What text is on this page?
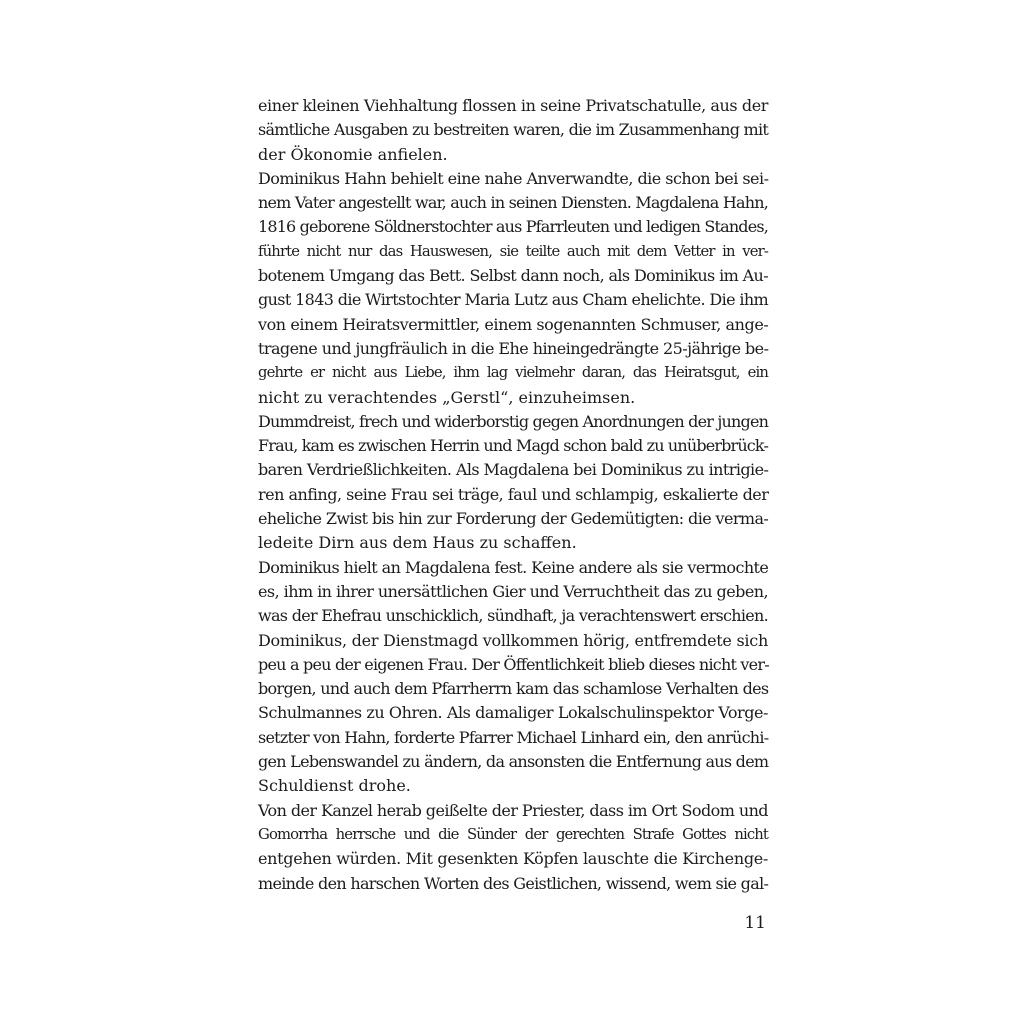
einer kleinen Viehhaltung flossen in seine Privatschatulle, aus der
sämtliche Ausgaben zu bestreiten waren, die im Zusammenhang mit
der Ökonomie anfielen.
Dominikus Hahn behielt eine nahe Anverwandte, die schon bei sei-
nem Vater angestellt war, auch in seinen Diensten. Magdalena Hahn,
1816 geborene Söldnerstochter aus Pfarrleuten und ledigen Standes,
führte nicht nur das Hauswesen, sie teilte auch mit dem Vetter in ver-
botenem Umgang das Bett. Selbst dann noch, als Dominikus im Au-
gust 1843 die Wirtstochter Maria Lutz aus Cham ehelichte. Die ihm
von einem Heiratsvermittler, einem sogenannten Schmuser, ange-
tragene und jungfräulich in die Ehe hineingedrängte 25-jährige be-
gehrte er nicht aus Liebe, ihm lag vielmehr daran, das Heiratsgut, ein
nicht zu verachtendes „Gerstl“, einzuheimsen.
Dummdreist, frech und widerborstig gegen Anordnungen der jungen
Frau, kam es zwischen Herrin und Magd schon bald zu unüberbrück-
baren Verdrießlichkeiten. Als Magdalena bei Dominikus zu intrigie-
ren anfing, seine Frau sei träge, faul und schlampig, eskalierte der
eheliche Zwist bis hin zur Forderung der Gedemütigten: die verma-
ledeite Dirn aus dem Haus zu schaffen.
Dominikus hielt an Magdalena fest. Keine andere als sie vermochte
es, ihm in ihrer unersättlichen Gier und Verruchtheit das zu geben,
was der Ehefrau unschicklich, sündhaft, ja verachtenswert erschien.
Dominikus, der Dienstmagd vollkommen hörig, entfremdete sich
peu a peu der eigenen Frau. Der Öffentlichkeit blieb dieses nicht ver-
borgen, und auch dem Pfarrherrn kam das schamlose Verhalten des
Schulmannes zu Ohren. Als damaliger Lokalschulinspektor Vorge-
setzter von Hahn, forderte Pfarrer Michael Linhard ein, den anrüchi-
gen Lebenswandel zu ändern, da ansonsten die Entfernung aus dem
Schuldienst drohe.
Von der Kanzel herab geißelte der Priester, dass im Ort Sodom und
Gomorrha herrsche und die Sünder der gerechten Strafe Gottes nicht
entgehen würden. Mit gesenkten Köpfen lauschte die Kirchenge-
meinde den harschen Worten des Geistlichen, wissend, wem sie gal-
11
